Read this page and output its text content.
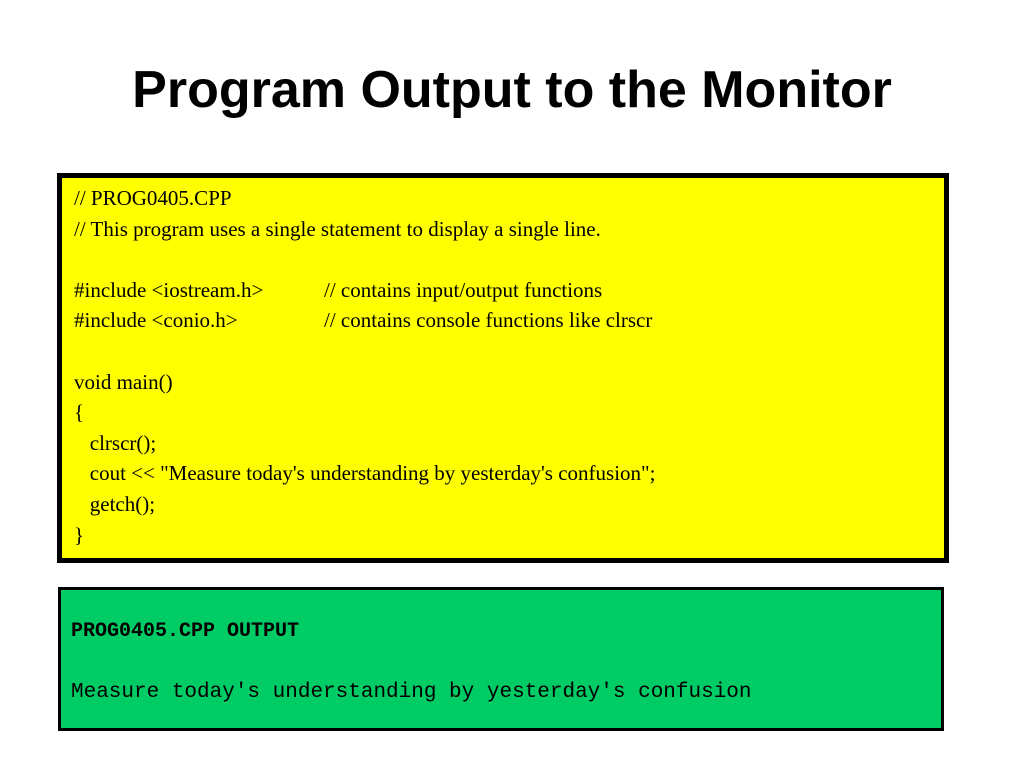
Program Output to the Monitor
// PROG0405.CPP
// This program uses a single statement to display a single line.
#include <iostream.h>	// contains input/output functions
#include <conio.h>	// contains console functions like clrscr
void main()
{
clrscr();
cout << "Measure today's understanding by yesterday's confusion";
getch();
}
PROG0405.CPP OUTPUT
Measure today's understanding by yesterday's confusion
